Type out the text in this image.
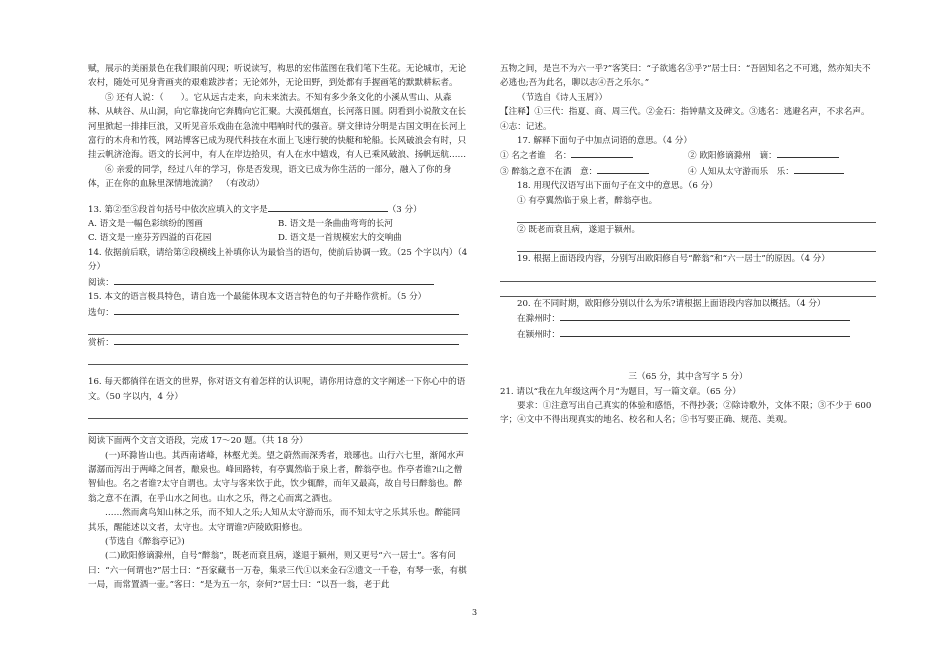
赋，展示的美丽景色在我们眼前闪现；听说读写，构思的宏伟蓝图在我们笔下生花。无论城市，无论农村，随处可见身背画夹的艰难跋涉者；无论郊外，无论田野，到处都有手握画笔的默默耕耘者。

⑤ 还有人说：（　　）。它从远古走来，向未来流去。不知有多少条文化的小溪从雪山、从森林、从峡谷、从山洞，向它靠拢向它奔腾向它汇聚。大漠孤烟直，长河落日圆。阴看到小说散文在长河里掀起一排排巨浪，又听见音乐戏曲在急流中唱响时代的强音。骈文律诗分明是古国文明在长河上富行的木舟和竹筏，网站博客已成为现代科技在水面上飞速行驶的快艇和轮船。长风破浪会有时，只挂云帆济沧海。语文的长河中，有人在岸边拾贝，有人在水中嬉戏，有人已乘风破浪、扬帆远航……

⑥ 亲爱的同学，经过八年的学习，你是否发现，语文已成为你生活的一部分，融入了你的身体，正在你的血脉里深情地流淌？　（有改动）

13. 第②至⑤段首句括号中依次应填入的文字是	（3 分）

A. 语文是一幅色彩缤纷的图画	B. 语文是一条曲曲弯弯的长河
C. 语文是一座芬芳四溢的百花园	D. 语文是一首规模宏大的交响曲

14. 依据前后联，请给第②段横线上补填你认为最恰当的语句，使前后协调一致。（25 个字以内）（4 分）

阅读：

15. 本文的语言极具特色，请自选一个最能体现本文语言特色的句子并略作赏析。（5 分）

选句：

赏析：

16. 每天都徜徉在语文的世界，你对语文有着怎样的认识呢，请你用诗意的文字阐述一下你心中的语文。（50 字以内，4 分）

阅读下面两个文言文语段，完成 17～20 题。（共 18 分）

(一)环滁皆山也。其西南诸峰，林壑尤美。望之蔚然而深秀者，琅琊也。山行六七里，渐闻水声潺潺而泻出于两峰之间者，酿泉也。峰回路转，有亭翼然临于泉上者，醉翁亭也。作亭者谁?山之僧智仙也。名之者谁?太守自谓也。太守与客来饮于此，饮少辄醉，而年又最高，故自号曰醉翁也。醉翁之意不在酒，在乎山水之间也。山水之乐，得之心而寓之酒也。

……然而禽鸟知山林之乐，而不知人之乐;人知从太守游而乐，而不知太守之乐其乐也。醉能同其乐，醒能述以文者，太守也。太守谓谁?庐陵欧阳修也。

(节选自《醉翁亭记》)

(二)欧阳修谪滁州，自号“醉翁”，既老而衰且病，遂退于颍州，则又更号“六一居士”。客有问曰：“六一何谓也?”居士曰：“吾家藏书一万卷，集录三代①以来金石②遗文一千卷，有琴一张，有棋一局，而常置酒一壶。”客曰：“是为五一尔，奈何?”居士曰：“以吾一翁，老于此

五物之间，是岂不为六一乎?”客笑曰：“子欲逃名③乎?”居士曰：“吾固知名之不可逃，然亦知夫不必逃也;吾为此名，聊以志④吾之乐尔。”

（节选自《诗人玉屑》）

【注释】①三代：指夏、商、周三代。②金石：指钟鼎文及碑文。③逃名：逃避名声，不求名声。④志：记述。

17. 解释下面句子中加点词语的意思。（4 分）

① 名之者谁　名：	② 欧阳修谪滁州　谪：
③ 醉翁之意不在酒　意：	④ 人知从太守游而乐　乐：

18. 用现代汉语写出下面句子在文中的意思。（6 分）

① 有亭翼然临于泉上者，醉翁亭也。

② 既老而衰且病，遂退于颍州。

19. 根据上面语段内容，分别写出欧阳修自号“醉翁”和“六一居士”的原因。（4 分）

20. 在不同时期，欧阳修分别以什么为乐?请根据上面语段内容加以概括。（4 分）

在滁州时：

在颍州时：

三（65 分，其中含写字 5 分）

21. 请以“我在九年级这两个月”为题目，写一篇文章。（65 分）

要求：①注意写出自己真实的体验和感悟，不得抄袭；②除诗歌外，文体不限；③不少于 600 字；④文中不得出现真实的地名、校名和人名；⑤书写要正确、规范、美观。

3
